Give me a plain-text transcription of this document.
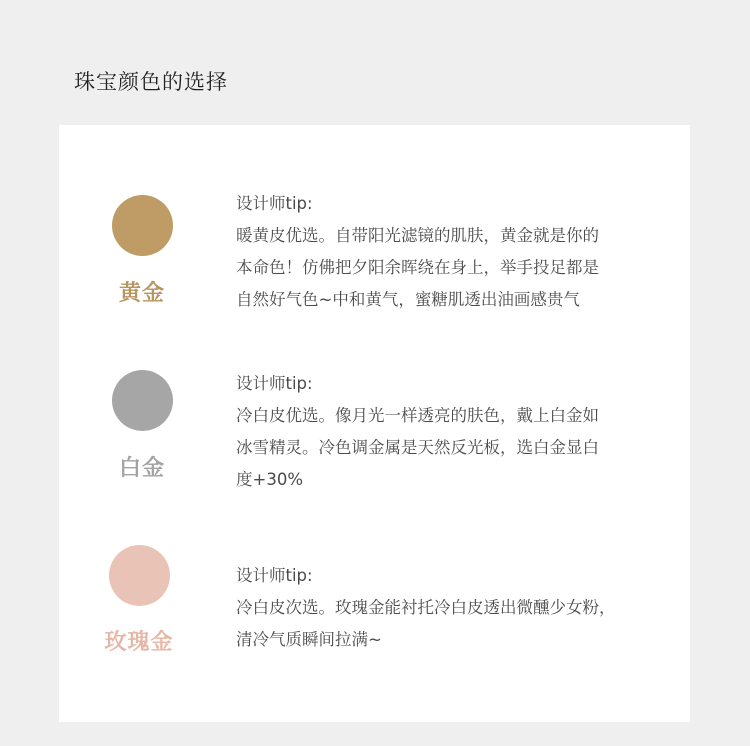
珠宝颜色的选择
黄金
设计师tip:
暖黄皮优选。自带阳光滤镜的肌肤，黄金就是你的
本命色！仿佛把夕阳余晖绕在身上，举手投足都是
自然好气色~中和黄气，蜜糖肌透出油画感贵气
白金
设计师tip:
冷白皮优选。像月光一样透亮的肤色，戴上白金如
冰雪精灵。冷色调金属是天然反光板，选白金显白
度+30%
玫瑰金
设计师tip:
冷白皮次选。玫瑰金能衬托冷白皮透出微醺少女粉，
清冷气质瞬间拉满~
